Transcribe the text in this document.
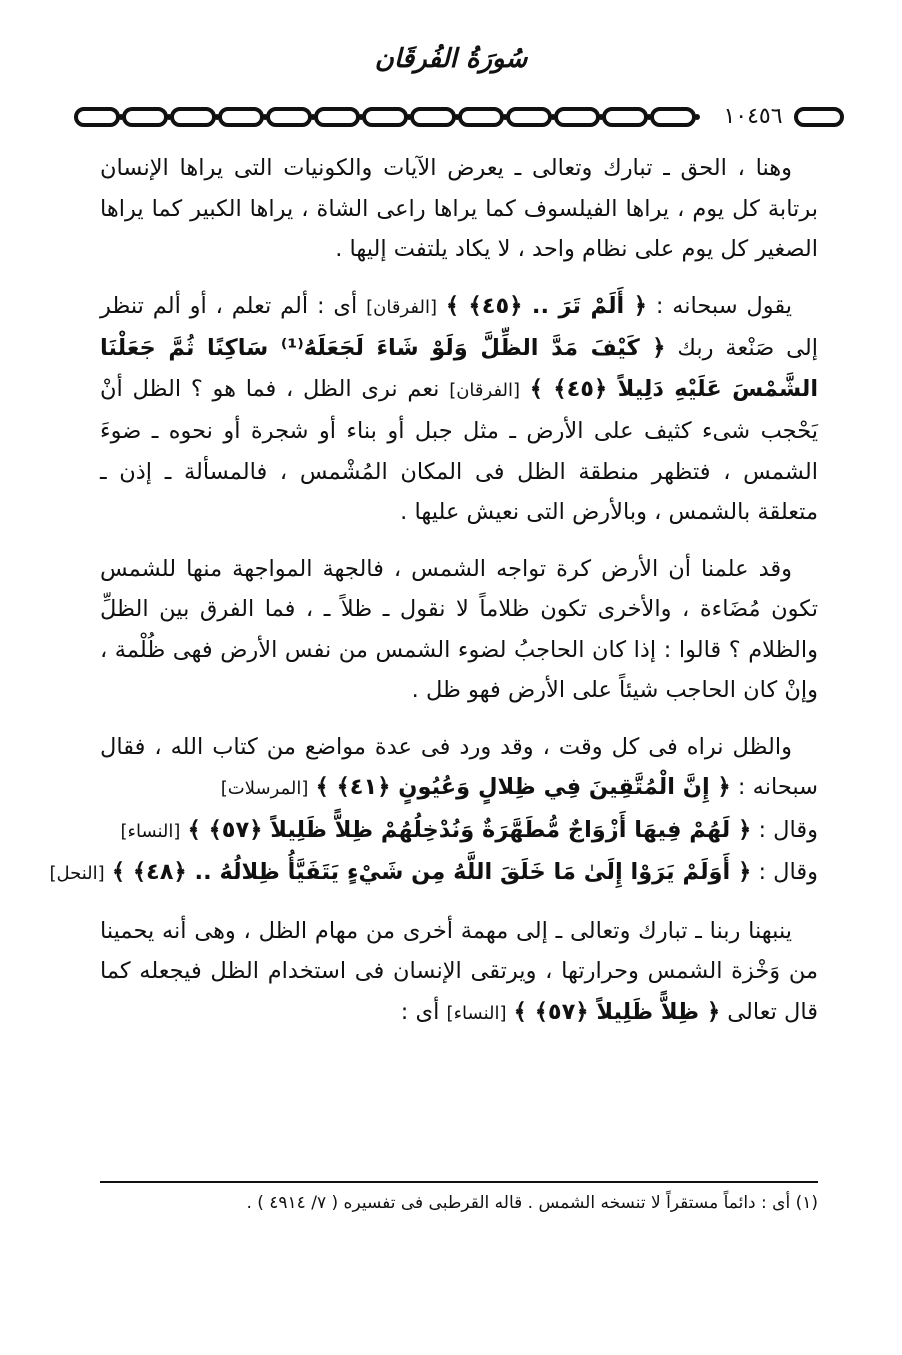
سُورَةُ الفُرقَان
١٠٤٥٦

وهنا ، الحق ـ تبارك وتعالى ـ يعرض الآيات والكونيات التى يراها الإنسان برتابة كل يوم ، يراها الفيلسوف كما يراها راعى الشاة ، يراها الكبير كما يراها الصغير كل يوم على نظام واحد ، لا يكاد يلتفت إليها .

يقول سبحانه : ﴿ أَلَمْ تَرَ .. ﴿٤٥﴾ ﴾ [الفرقان] أى : ألم تعلم ، أو ألم تنظر إلى صَنْعة ربك ﴿ كَيْفَ مَدَّ الظِّلَّ وَلَوْ شَاءَ لَجَعَلَهُ⁽¹⁾ سَاكِنًا ثُمَّ جَعَلْنَا الشَّمْسَ عَلَيْهِ دَلِيلاً ﴿٤٥﴾ ﴾ [الفرقان] نعم نرى الظل ، فما هو ؟ الظل أنْ يَحْجب شىء كثيف على الأرض ـ مثل جبل أو بناء أو شجرة أو نحوه ـ ضوءَ الشمس ، فتظهر منطقة الظل فى المكان المُشْمس ، فالمسألة ـ إذن ـ متعلقة بالشمس ، وبالأرض التى نعيش عليها .

وقد علمنا أن الأرض كرة تواجه الشمس ، فالجهة المواجهة منها للشمس تكون مُضَاءة ، والأخرى تكون ظلاماً لا نقول ـ ظلاً ـ ، فما الفرق بين الظلِّ والظلام ؟ قالوا : إذا كان الحاجبُ لضوء الشمس من نفس الأرض فهى ظُلْمة ، وإنْ كان الحاجب شيئاً على الأرض فهو ظل .

والظل نراه فى كل وقت ، وقد ورد فى عدة مواضع من كتاب الله ، فقال سبحانه : ﴿ إِنَّ الْمُتَّقِينَ فِي ظِلالٍ وَعُيُونٍ ﴿٤١﴾ ﴾ [المرسلات]

وقال : ﴿ لَهُمْ فِيهَا أَزْوَاجٌ مُّطَهَّرَةٌ وَنُدْخِلُهُمْ ظِلاًّ ظَلِيلاً ﴿٥٧﴾ ﴾ [النساء]

وقال : ﴿ أَوَلَمْ يَرَوْا إِلَىٰ مَا خَلَقَ اللَّهُ مِن شَيْءٍ يَتَفَيَّأُ ظِلالُهُ .. ﴿٤٨﴾ ﴾ [النحل]

ينبهنا ربنا ـ تبارك وتعالى ـ إلى مهمة أخرى من مهام الظل ، وهى أنه يحمينا من وَخْزة الشمس وحرارتها ، ويرتقى الإنسان فى استخدام الظل فيجعله كما قال تعالى ﴿ ظِلاًّ ظَلِيلاً ﴿٥٧﴾ ﴾ [النساء] أى :

(١) أى : دائماً مستقراً لا تنسخه الشمس . قاله القرطبى فى تفسيره ( ٧/ ٤٩١٤ ) .
